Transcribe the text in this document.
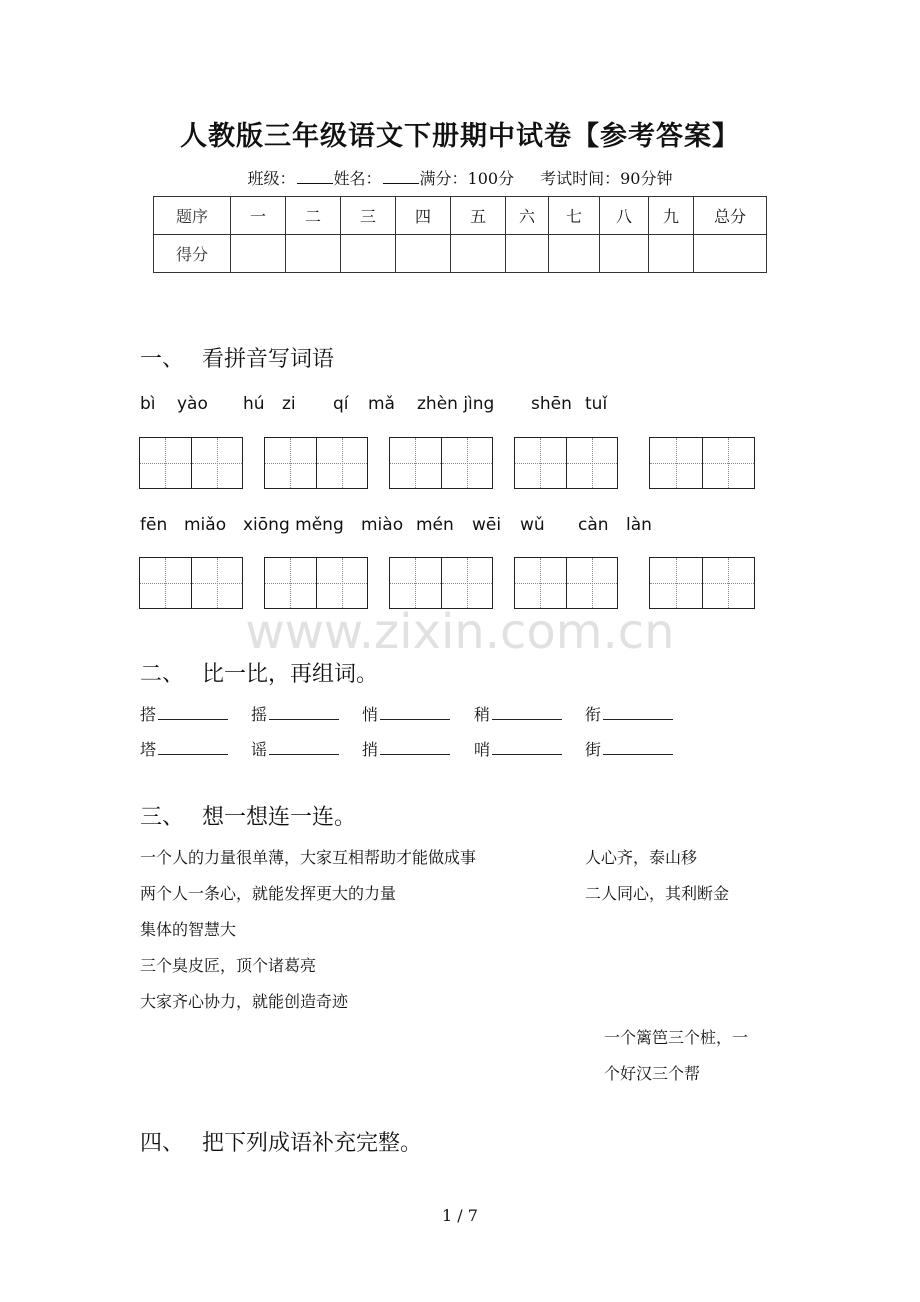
人教版三年级语文下册期中试卷【参考答案】
班级： 姓名： 满分：100分 考试时间：90分钟
题序	一	二	三	四	五	六	七	八	九	总分
得分										
一、 看拼音写词语
bì yào hú zi qí mǎ zhèn jìng shēn tuǐ
fēn miǎo xiōng měng miào mén wēi wǔ càn làn
www.zixin.com.cn
二、 比一比，再组词。
搭	摇	悄	稍	衔
塔	谣	捎	哨	街
三、 想一想连一连。
一个人的力量很单薄，大家互相帮助才能做成事
两个人一条心，就能发挥更大的力量
集体的智慧大
三个臭皮匠，顶个诸葛亮
大家齐心协力，就能创造奇迹
人心齐，泰山移
二人同心，其利断金
一个篱笆三个桩，一
个好汉三个帮
四、 把下列成语补充完整。
1 / 7
